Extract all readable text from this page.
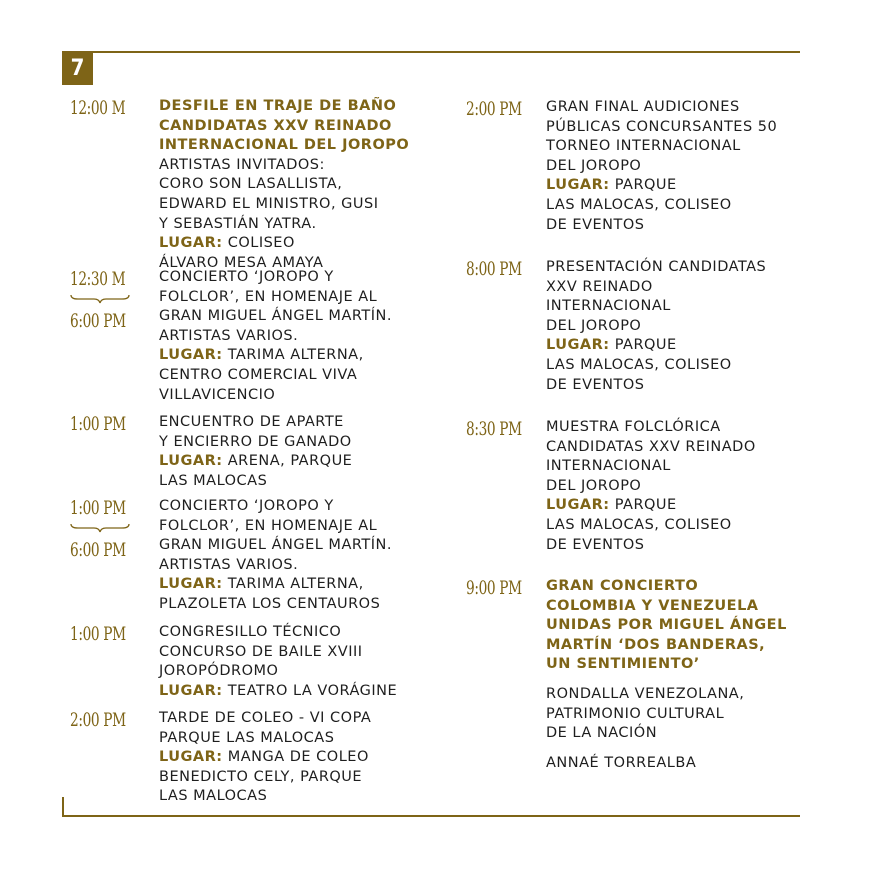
7
12:00 M DESFILE EN TRAJE DE BAÑO
CANDIDATAS XXV REINADO
INTERNACIONAL DEL JOROPO
ARTISTAS INVITADOS:
CORO SON LASALLISTA,
EDWARD EL MINISTRO, GUSI
Y SEBASTIÁN YATRA.
LUGAR: COLISEO
ÁLVARO MESA AMAYA
12:30 M
6:00 PM
CONCIERTO ‘JOROPO Y
FOLCLOR’, EN HOMENAJE AL
GRAN MIGUEL ÁNGEL MARTÍN.
ARTISTAS VARIOS.
LUGAR: TARIMA ALTERNA,
CENTRO COMERCIAL VIVA
VILLAVICENCIO
1:00 PM ENCUENTRO DE APARTE
Y ENCIERRO DE GANADO
LUGAR: ARENA, PARQUE
LAS MALOCAS
1:00 PM
6:00 PM
CONCIERTO ‘JOROPO Y
FOLCLOR’, EN HOMENAJE AL
GRAN MIGUEL ÁNGEL MARTÍN.
ARTISTAS VARIOS.
LUGAR: TARIMA ALTERNA,
PLAZOLETA LOS CENTAUROS
1:00 PM CONGRESILLO TÉCNICO
CONCURSO DE BAILE XVIII
JOROPÓDROMO
LUGAR: TEATRO LA VORÁGINE
2:00 PM TARDE DE COLEO - VI COPA
PARQUE LAS MALOCAS
LUGAR: MANGA DE COLEO
BENEDICTO CELY, PARQUE
LAS MALOCAS
2:00 PM GRAN FINAL AUDICIONES
PÚBLICAS CONCURSANTES 50
TORNEO INTERNACIONAL
DEL JOROPO
LUGAR: PARQUE
LAS MALOCAS, COLISEO
DE EVENTOS
8:00 PM PRESENTACIÓN CANDIDATAS
XXV REINADO
INTERNACIONAL
DEL JOROPO
LUGAR: PARQUE
LAS MALOCAS, COLISEO
DE EVENTOS
8:30 PM MUESTRA FOLCLÓRICA
CANDIDATAS XXV REINADO
INTERNACIONAL
DEL JOROPO
LUGAR: PARQUE
LAS MALOCAS, COLISEO
DE EVENTOS
9:00 PM GRAN CONCIERTO
COLOMBIA Y VENEZUELA
UNIDAS POR MIGUEL ÁNGEL
MARTÍN ‘DOS BANDERAS,
UN SENTIMIENTO’
RONDALLA VENEZOLANA,
PATRIMONIO CULTURAL
DE LA NACIÓN
ANNAÉ TORREALBA
